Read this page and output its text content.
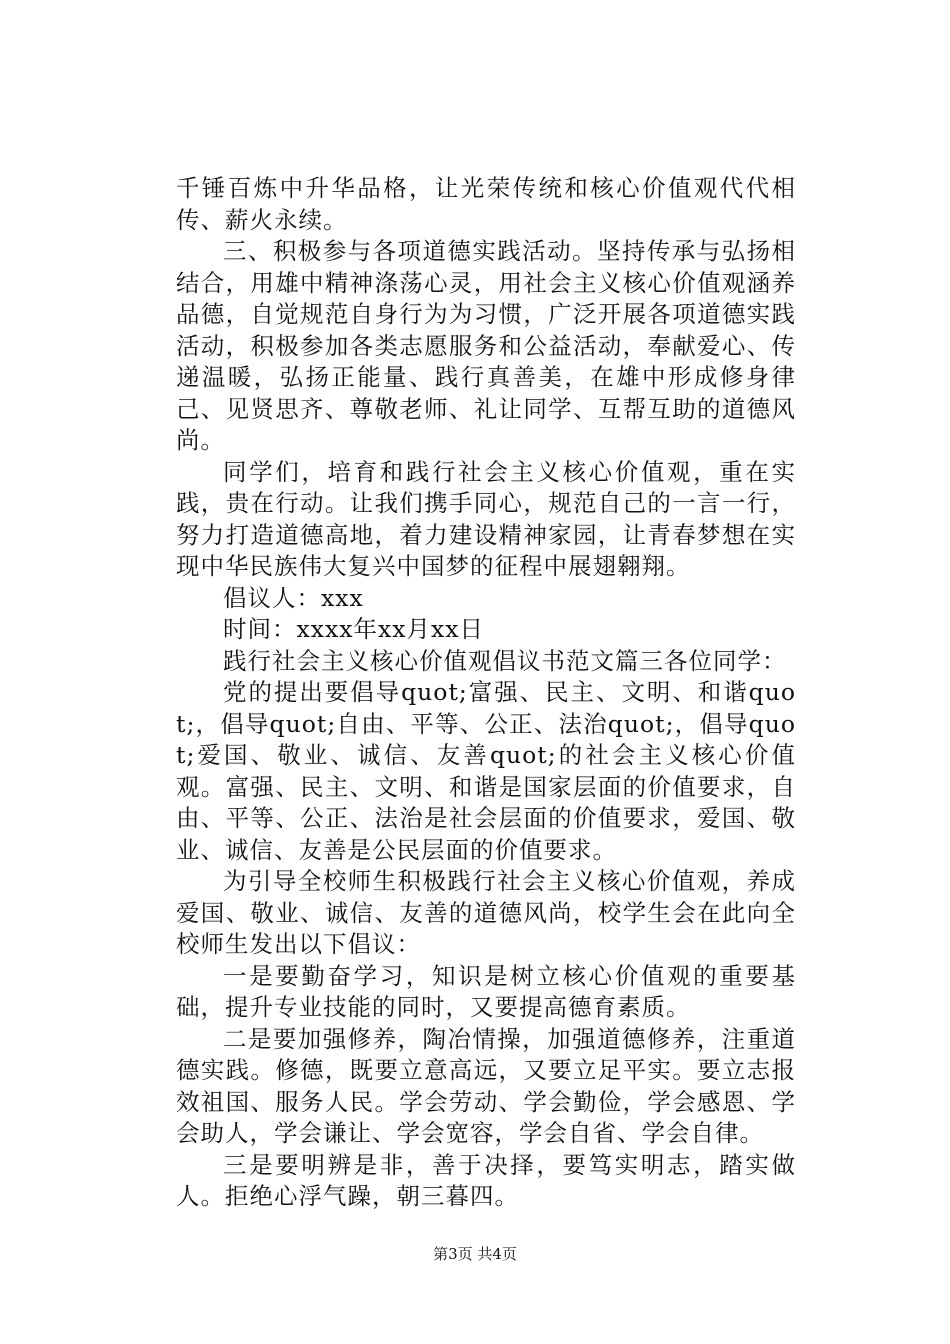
千锤百炼中升华品格，让光荣传统和核心价值观代代相传、薪火永续。

三、积极参与各项道德实践活动。坚持传承与弘扬相结合，用雄中精神涤荡心灵，用社会主义核心价值观涵养品德，自觉规范自身行为为习惯，广泛开展各项道德实践活动，积极参加各类志愿服务和公益活动，奉献爱心、传递温暖，弘扬正能量、践行真善美，在雄中形成修身律己、见贤思齐、尊敬老师、礼让同学、互帮互助的道德风尚。

同学们，培育和践行社会主义核心价值观，重在实践，贵在行动。让我们携手同心，规范自己的一言一行，努力打造道德高地，着力建设精神家园，让青春梦想在实现中华民族伟大复兴中国梦的征程中展翅翱翔。

倡议人：xxx

时间：xxxx年xx月xx日

践行社会主义核心价值观倡议书范文篇三各位同学：

党的提出要倡导quot;富强、民主、文明、和谐quot;，倡导quot;自由、平等、公正、法治quot;，倡导quot;爱国、敬业、诚信、友善quot;的社会主义核心价值观。富强、民主、文明、和谐是国家层面的价值要求，自由、平等、公正、法治是社会层面的价值要求，爱国、敬业、诚信、友善是公民层面的价值要求。

为引导全校师生积极践行社会主义核心价值观，养成爱国、敬业、诚信、友善的道德风尚，校学生会在此向全校师生发出以下倡议：

一是要勤奋学习，知识是树立核心价值观的重要基础，提升专业技能的同时，又要提高德育素质。

二是要加强修养，陶冶情操，加强道德修养，注重道德实践。修德，既要立意高远，又要立足平实。要立志报效祖国、服务人民。学会劳动、学会勤俭，学会感恩、学会助人，学会谦让、学会宽容，学会自省、学会自律。

三是要明辨是非，善于决择，要笃实明志，踏实做人。拒绝心浮气躁，朝三暮四。

第3页 共4页
